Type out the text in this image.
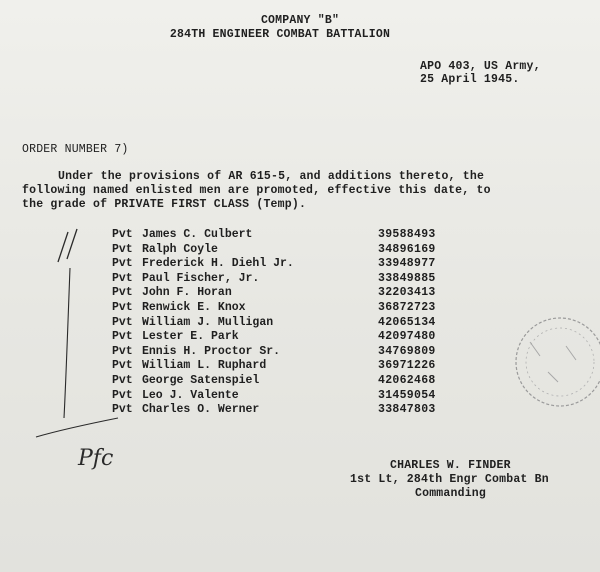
COMPANY "B"
284TH ENGINEER COMBAT BATTALION
APO 403, US Army,
25 April 1945.
ORDER NUMBER 7)
Under the provisions of AR 615-5, and additions thereto, the
following named enlisted men are promoted, effective this date, to
the grade of PRIVATE FIRST CLASS (Temp).
Pvt James C. Culbert	39588493
Pvt Ralph Coyle	34896169
Pvt Frederick H. Diehl Jr.	33948977
Pvt Paul Fischer, Jr.	33849885
Pvt John F. Horan	32203413
Pvt Renwick E. Knox	36872723
Pvt William J. Mulligan	42065134
Pvt Lester E. Park	42097480
Pvt Ennis H. Proctor Sr.	34769809
Pvt William L. Ruphard	36971226
Pvt George Satenspiel	42062468
Pvt Leo J. Valente	31459054
Pvt Charles O. Werner	33847803
CHARLES W. FINDER
1st Lt, 284th Engr Combat Bn
Commanding
Pfc
